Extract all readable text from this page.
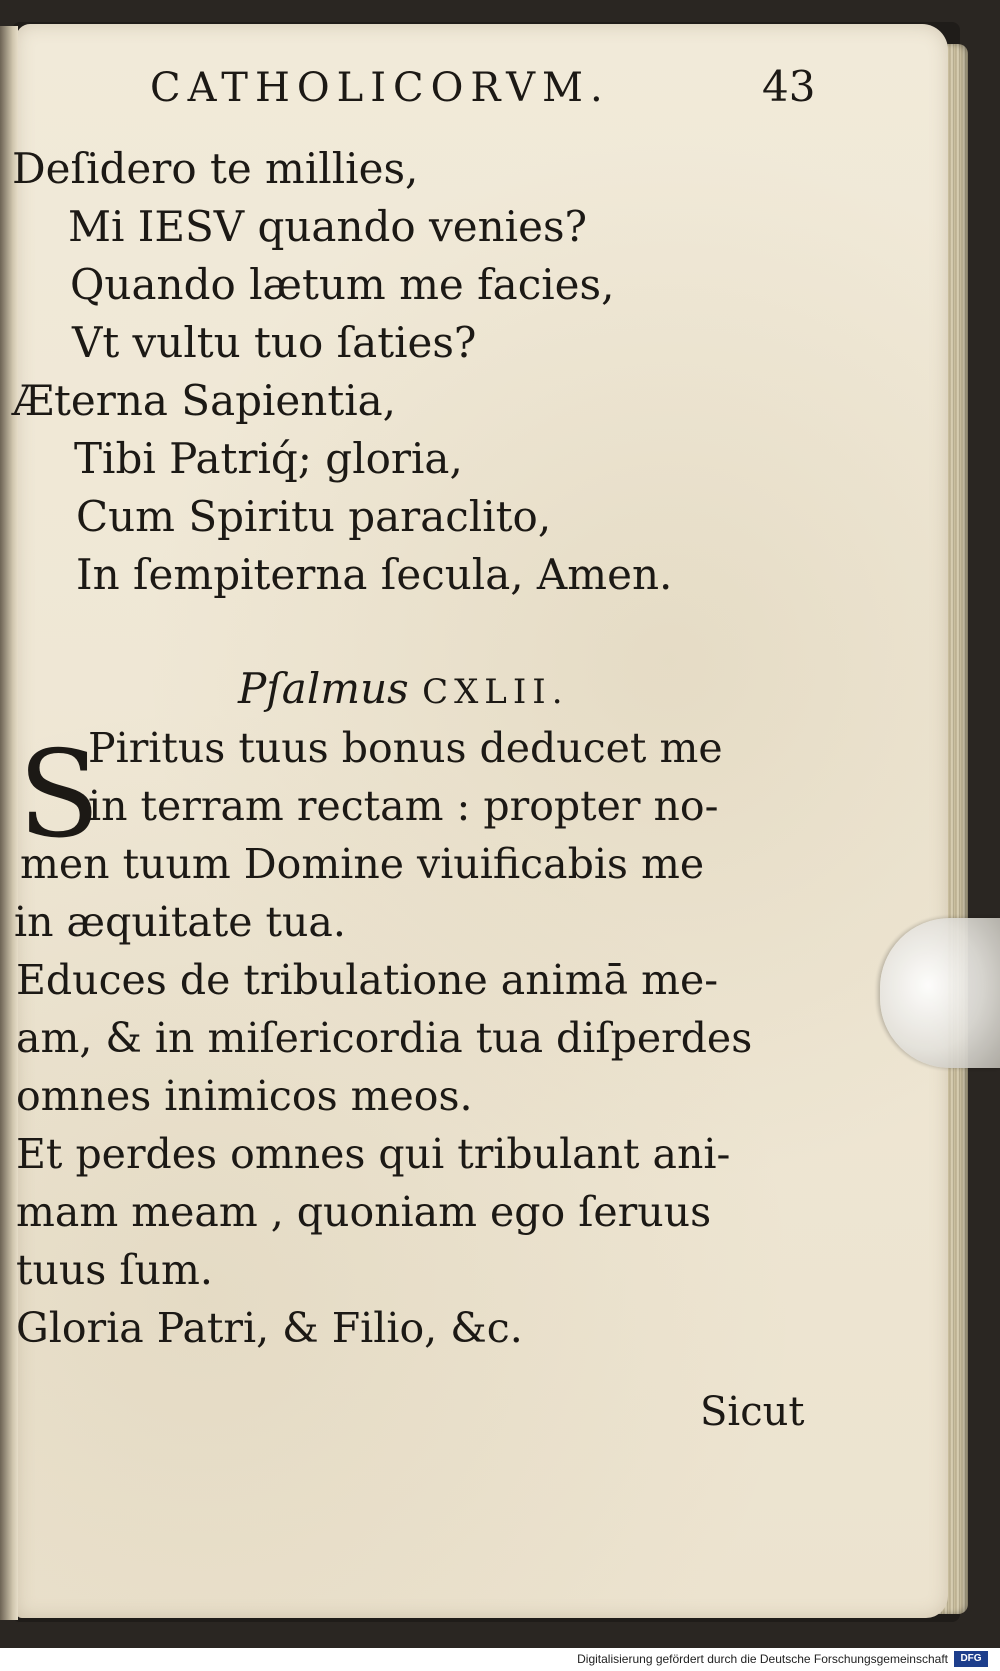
CATHOLICORVM.	43
Deſidero te millies,
Mi IESV quando venies?
Quando lætum me facies,
Vt vultu tuo ſaties?
Æterna Sapientia,
Tibi Patriq́; gloria,
Cum Spiritu paraclito,
In ſempiterna ſecula, Amen.
Pſalmus CXLII.
S
Piritus tuus bonus deducet me
in terram rectam : propter no-
men tuum Domine viuificabis me
in æquitate tua.
Educes de tribulatione animā me-
am, & in miſericordia tua diſperdes
omnes inimicos meos.
Et perdes omnes qui tribulant ani-
mam meam , quoniam ego ſeruus
tuus ſum.
Gloria Patri, & Filio, &c.
Sicut
Digitalisierung gefördert durch die Deutsche Forschungsgemeinschaft	DFG
